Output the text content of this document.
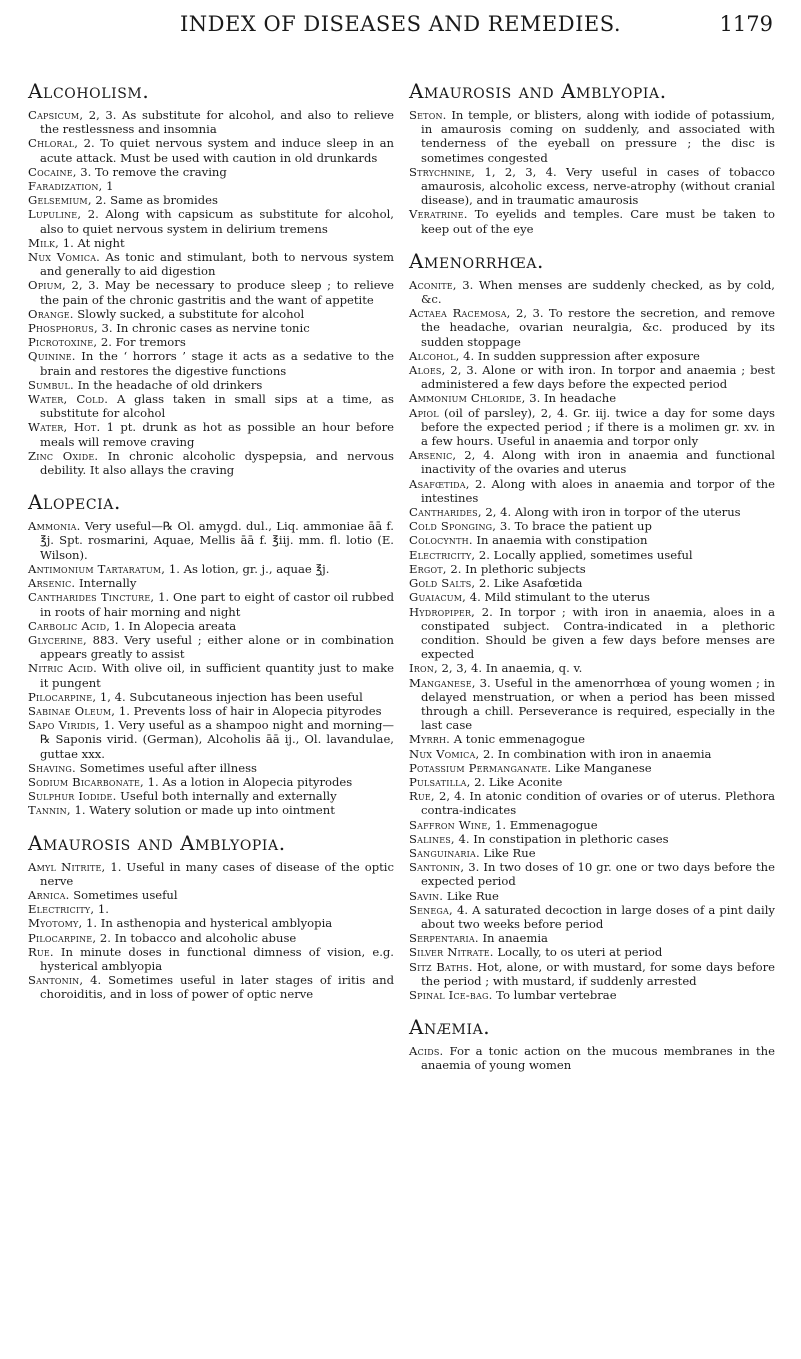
INDEX OF DISEASES AND REMEDIES.	1179
Alcoholism.

Capsicum, 2, 3. As substitute for alcohol, and also to relieve the restlessness and insomnia

Chloral, 2. To quiet nervous system and induce sleep in an acute attack. Must be used with caution in old drunkards

Cocaine, 3. To remove the craving

Faradization, 1

Gelsemium, 2. Same as bromides

Lupuline, 2. Along with capsicum as substitute for alcohol, also to quiet nervous system in delirium tremens

Milk, 1. At night

Nux Vomica. As tonic and stimulant, both to nervous system and generally to aid digestion

Opium, 2, 3. May be necessary to produce sleep ; to relieve the pain of the chronic gastritis and the want of appetite

Orange. Slowly sucked, a substitute for alcohol

Phosphorus, 3. In chronic cases as nervine tonic

Picrotoxine, 2. For tremors

Quinine. In the ‘ horrors ’ stage it acts as a sedative to the brain and restores the digestive functions

Sumbul. In the headache of old drinkers

Water, Cold. A glass taken in small sips at a time, as substitute for alcohol

Water, Hot. 1 pt. drunk as hot as possible an hour before meals will remove craving

Zinc Oxide. In chronic alcoholic dyspepsia, and nervous debility. It also allays the craving

Alopecia.

Ammonia. Very useful—℞ Ol. amygd. dul., Liq. ammoniae āā f. ℥j. Spt. rosmarini, Aquae, Mellis āā f. ℥iij. mm. fl. lotio (E. Wilson).

Antimonium Tartaratum, 1. As lotion, gr. j., aquae ℥j.

Arsenic. Internally

Cantharides Tincture, 1. One part to eight of castor oil rubbed in roots of hair morning and night

Carbolic Acid, 1. In Alopecia areata

Glycerine, 883. Very useful ; either alone or in combination appears greatly to assist

Nitric Acid. With olive oil, in sufficient quantity just to make it pungent

Pilocarpine, 1, 4. Subcutaneous injection has been useful

Sabinae Oleum, 1. Prevents loss of hair in Alopecia pityrodes

Sapo Viridis, 1. Very useful as a shampoo night and morning—℞ Saponis virid. (German), Alcoholis āā ij., Ol. lavandulae, guttae xxx.

Shaving. Sometimes useful after illness

Sodium Bicarbonate, 1. As a lotion in Alopecia pityrodes

Sulphur Iodide. Useful both internally and externally

Tannin, 1. Watery solution or made up into ointment

Amaurosis and Amblyopia.

Amyl Nitrite, 1. Useful in many cases of disease of the optic nerve

Arnica. Sometimes useful

Electricity, 1.

Myotomy, 1. In asthenopia and hysterical amblyopia

Pilocarpine, 2. In tobacco and alcoholic abuse

Rue. In minute doses in functional dimness of vision, e.g. hysterical amblyopia

Santonin, 4. Sometimes useful in later stages of iritis and choroiditis, and in loss of power of optic nerve

Amaurosis and Amblyopia.

Seton. In temple, or blisters, along with iodide of potassium, in amaurosis coming on suddenly, and associated with tenderness of the eyeball on pressure ; the disc is sometimes congested

Strychnine, 1, 2, 3, 4. Very useful in cases of tobacco amaurosis, alcoholic excess, nerve-atrophy (without cranial disease), and in traumatic amaurosis

Veratrine. To eyelids and temples. Care must be taken to keep out of the eye

Amenorrhœa.

Aconite, 3. When menses are suddenly checked, as by cold, &c.

Actaea Racemosa, 2, 3. To restore the secretion, and remove the headache, ovarian neuralgia, &c. produced by its sudden stoppage

Alcohol, 4. In sudden suppression after exposure

Aloes, 2, 3. Alone or with iron. In torpor and anaemia ; best administered a few days before the expected period

Ammonium Chloride, 3. In headache

Apiol (oil of parsley), 2, 4. Gr. iij. twice a day for some days before the expected period ; if there is a molimen gr. xv. in a few hours. Useful in anaemia and torpor only

Arsenic, 2, 4. Along with iron in anaemia and functional inactivity of the ovaries and uterus

Asafœtida, 2. Along with aloes in anaemia and torpor of the intestines

Cantharides, 2, 4. Along with iron in torpor of the uterus

Cold Sponging, 3. To brace the patient up

Colocynth. In anaemia with constipation

Electricity, 2. Locally applied, sometimes useful

Ergot, 2. In plethoric subjects

Gold Salts, 2. Like Asafœtida

Guaiacum, 4. Mild stimulant to the uterus

Hydropiper, 2. In torpor ; with iron in anaemia, aloes in a constipated subject. Contra-indicated in a plethoric condition. Should be given a few days before menses are expected

Iron, 2, 3, 4. In anaemia, q. v.

Manganese, 3. Useful in the amenorrhœa of young women ; in delayed menstruation, or when a period has been missed through a chill. Perseverance is required, especially in the last case

Myrrh. A tonic emmenagogue

Nux Vomica, 2. In combination with iron in anaemia

Potassium Permanganate. Like Manganese

Pulsatilla, 2. Like Aconite

Rue, 2, 4. In atonic condition of ovaries or of uterus. Plethora contra-indicates

Saffron Wine, 1. Emmenagogue

Salines, 4. In constipation in plethoric cases

Sanguinaria. Like Rue

Santonin, 3. In two doses of 10 gr. one or two days before the expected period

Savin. Like Rue

Senega, 4. A saturated decoction in large doses of a pint daily about two weeks before period

Serpentaria. In anaemia

Silver Nitrate. Locally, to os uteri at period

Sitz Baths. Hot, alone, or with mustard, for some days before the period ; with mustard, if suddenly arrested

Spinal Ice-bag. To lumbar vertebrae

Anæmia.

Acids. For a tonic action on the mucous membranes in the anaemia of young women
